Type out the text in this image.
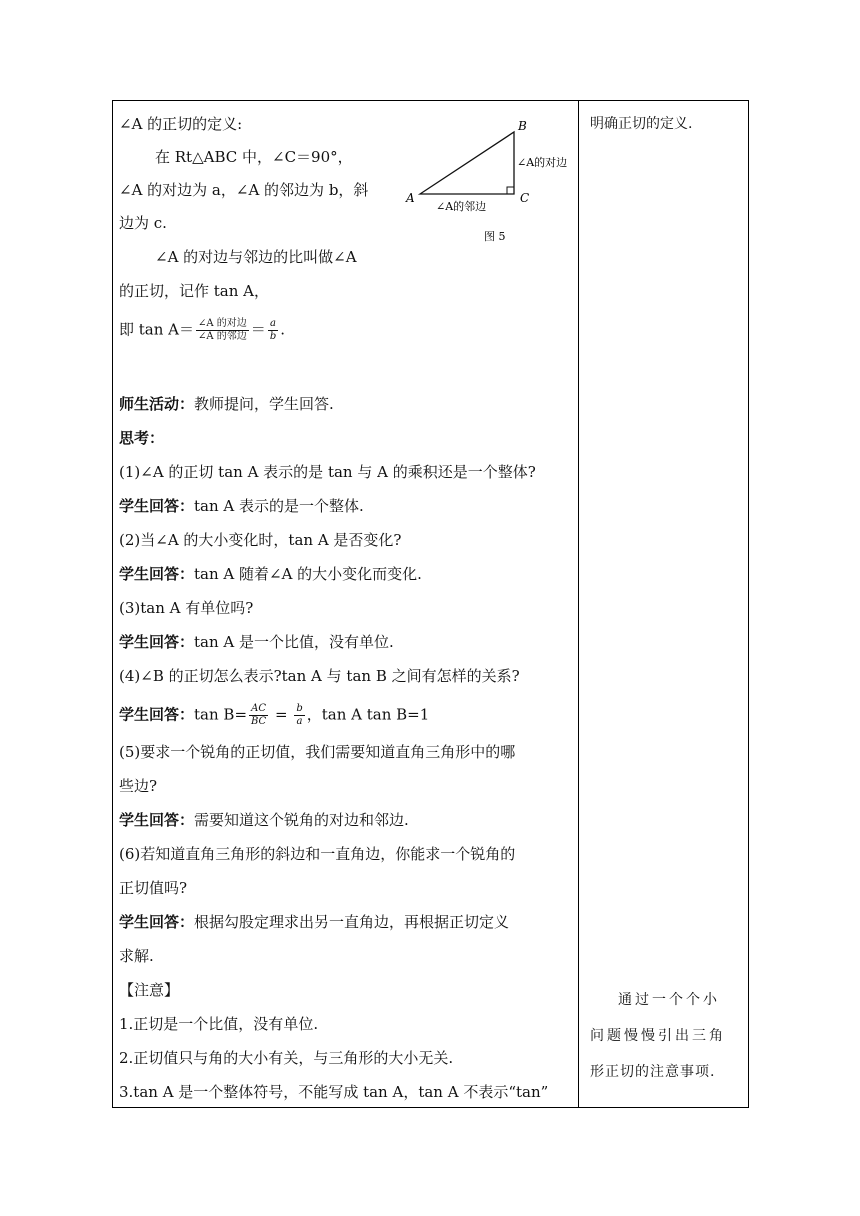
∠A 的正切的定义:
在 Rt△ABC 中，∠C＝90°，
∠A 的对边为 a，∠A 的邻边为 b，斜
边为 c.
∠A 的对边与邻边的比叫做∠A
的正切，记作 tan A，
即 $\tan A= \frac{\text{∠A 的对边}}{\text{∠A 的邻边}} = \frac{a}{b}$ .
师生活动：教师提问，学生回答.
思考：
(1)∠A 的正切 tan A 表示的是 tan 与 A 的乘积还是一个整体?
学生回答：tan A 表示的是一个整体.
(2)当∠A 的大小变化时，tan A 是否变化?
学生回答：tan A 随着∠A 的大小变化而变化.
(3)tan A 有单位吗?
学生回答：tan A 是一个比值，没有单位.
(4)∠B 的正切怎么表示?tan A 与 tan B 之间有怎样的关系?
学生回答：$\tan B= \frac{AC}{BC} = \frac{b}{a}$ ，tan A tan B=1
(5)要求一个锐角的正切值，我们需要知道直角三角形中的哪
些边?
学生回答：需要知道这个锐角的对边和邻边.
(6)若知道直角三角形的斜边和一直角边，你能求一个锐角的
正切值吗?
学生回答：根据勾股定理求出另一直角边，再根据正切定义
求解.
【注意】
1.正切是一个比值，没有单位.
2.正切值只与角的大小有关，与三角形的大小无关.
3.tan A 是一个整体符号，不能写成 tan A，tan A 不表示“tan”
A
B
C
∠A的对边
∠A的邻边
图 5
明确正切的定义.
通过一个个小
问题慢慢引出三角
形正切的注意事项.
